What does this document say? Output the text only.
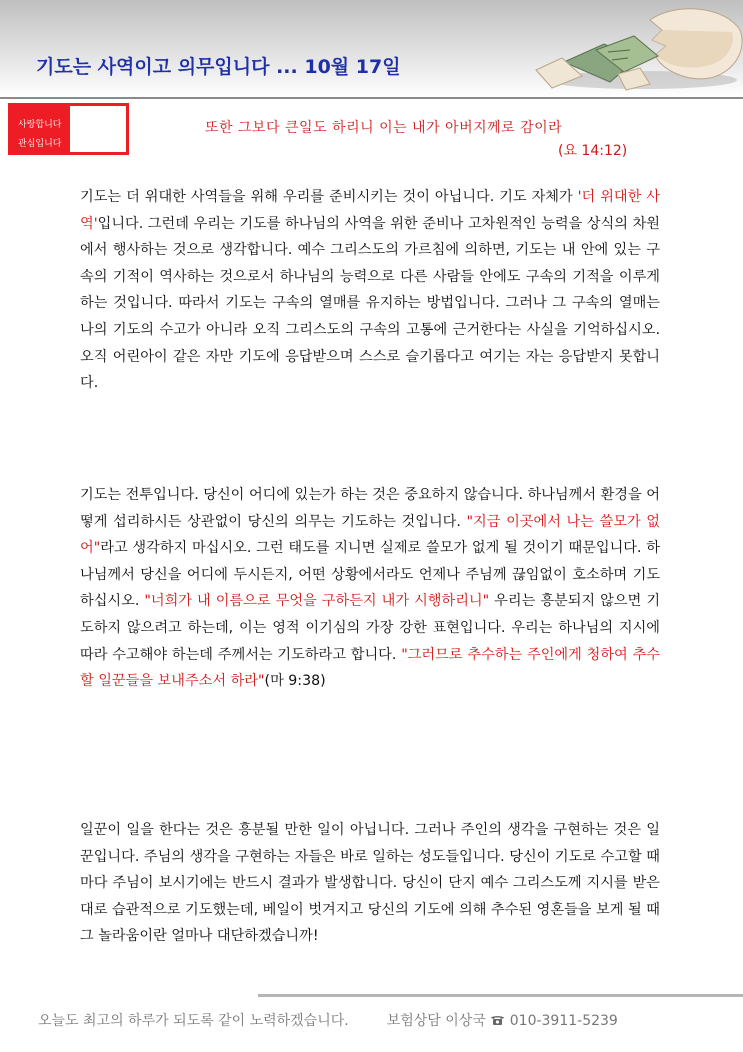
기도는 사역이고 의무입니다 ... 10월 17일
사랑합니다
관심입니다
또한 그보다 큰일도 하리니 이는 내가 아버지께로 감이라
(요 14:12)

기도는 더 위대한 사역들을 위해 우리를 준비시키는 것이 아닙니다. 기도 자체가 '더 위대한 사역'입니다. 그런데 우리는 기도를 하나님의 사역을 위한 준비나 고차원적인 능력을 상식의 차원에서 행사하는 것으로 생각합니다. 예수 그리스도의 가르침에 의하면, 기도는 내 안에 있는 구속의 기적이 역사하는 것으로서 하나님의 능력으로 다른 사람들 안에도 구속의 기적을 이루게 하는 것입니다. 따라서 기도는 구속의 열매를 유지하는 방법입니다. 그러나 그 구속의 열매는 나의 기도의 수고가 아니라 오직 그리스도의 구속의 고통에 근거한다는 사실을 기억하십시오. 오직 어린아이 같은 자만 기도에 응답받으며 스스로 슬기롭다고 여기는 자는 응답받지 못합니다.

기도는 전투입니다. 당신이 어디에 있는가 하는 것은 중요하지 않습니다. 하나님께서 환경을 어떻게 섭리하시든 상관없이 당신의 의무는 기도하는 것입니다. "지금 이곳에서 나는 쓸모가 없어"라고 생각하지 마십시오. 그런 태도를 지니면 실제로 쓸모가 없게 될 것이기 때문입니다. 하나님께서 당신을 어디에 두시든지, 어떤 상황에서라도 언제나 주님께 끊임없이 호소하며 기도하십시오. "너희가 내 이름으로 무엇을 구하든지 내가 시행하리니" 우리는 흥분되지 않으면 기도하지 않으려고 하는데, 이는 영적 이기심의 가장 강한 표현입니다. 우리는 하나님의 지시에 따라 수고해야 하는데 주께서는 기도하라고 합니다. "그러므로 추수하는 주인에게 청하여 추수할 일꾼들을 보내주소서 하라"(마 9:38)

일꾼이 일을 한다는 것은 흥분될 만한 일이 아닙니다. 그러나 주인의 생각을 구현하는 것은 일꾼입니다. 주님의 생각을 구현하는 자들은 바로 일하는 성도들입니다. 당신이 기도로 수고할 때마다 주님이 보시기에는 반드시 결과가 발생합니다. 당신이 단지 예수 그리스도께 지시를 받은 대로 습관적으로 기도했는데, 베일이 벗겨지고 당신의 기도에 의해 추수된 영혼들을 보게 될 때 그 놀라움이란 얼마나 대단하겠습니까!

오늘도 최고의 하루가 되도록 같이 노력하겠습니다.	보험상담 이상국 010-3911-5239
